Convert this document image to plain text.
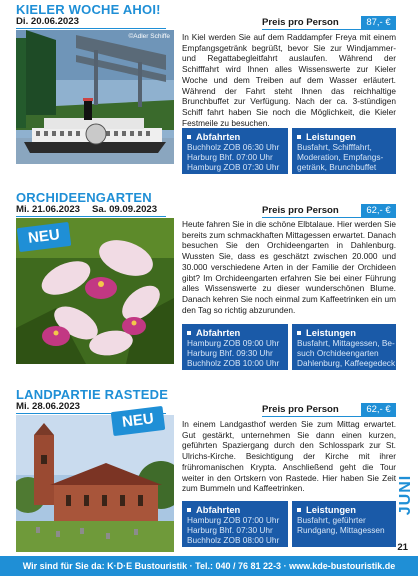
KIELER WOCHE AHOI!
Di. 20.06.2023
©Adler Schiffe
Preis pro Person	87,- €
In Kiel werden Sie auf dem Raddampfer Freya mit einem Empfangsgetränk begrüßt, bevor Sie zur Windjammer- und Regattabegleitfahrt auslaufen. Während der Schifffahrt wird Ihnen alles Wissenswerte zur Kieler Woche und dem Treiben auf dem Wasser erläutert. Während der Fahrt steht Ihnen das reichhaltige Brunchbuffet zur Verfügung. Nach der ca. 3-stündigen Schiff fahrt haben Sie noch die Möglichkeit, die Kieler Festmeile zu besuchen.
Abfahrten
Buchholz ZOB 06:30 Uhr
Harburg Bhf. 07:00 Uhr
Hamburg ZOB 07:30 Uhr
Leistungen
Busfahrt, Schifffahrt,
Moderation, Empfangs-
getränk, Brunchbuffet
ORCHIDEENGARTEN
Mi. 21.06.2023 Sa. 09.09.2023
NEU
Preis pro Person	62,- €
Heute fahren Sie in die schöne Elbtalaue. Hier werden Sie bereits zum schmackhaften Mittagessen erwartet. Danach besuchen Sie den Orchideengarten in Dahlenburg. Wussten Sie, dass es geschätzt zwischen 20.000 und 30.000 verschiedene Arten in der Familie der Orchideen gibt? Im Orchideengarten erfahren Sie bei einer Führung alles Wissenswerte zu dieser wunderschönen Blume. Danach kehren Sie noch einmal zum Kaffeetrinken ein um den Tag so richtig abzurunden.
Abfahrten
Hamburg ZOB 09:00 Uhr
Harburg Bhf. 09:30 Uhr
Buchholz ZOB 10:00 Uhr
Leistungen
Busfahrt, Mittagessen, Be-
such Orchideengarten
Dahlenburg, Kaffeegedeck
LANDPARTIE RASTEDE
Mi. 28.06.2023
NEU
Preis pro Person	62,- €
In einem Landgasthof werden Sie zum Mittag erwartet. Gut gestärkt, unternehmen Sie dann einen kurzen, geführten Spaziergang durch den Schlosspark zur St. Ulrichs-Kirche. Besichtigung der Kirche mit ihrer frühromanischen Krypta. Anschließend geht die Tour weiter in den Ortskern von Rastede. Hier haben Sie Zeit zum Bummeln und Kaffeetrinken.
Abfahrten
Hamburg ZOB 07:00 Uhr
Harburg Bhf. 07:30 Uhr
Buchholz ZOB 08:00 Uhr
Leistungen
Busfahrt, geführter
Rundgang, Mittagessen
JUNI
21
Wir sind für Sie da: K·D·E Bustouristik · Tel.: 040 / 76 81 22-3 · www.kde-bustouristik.de
